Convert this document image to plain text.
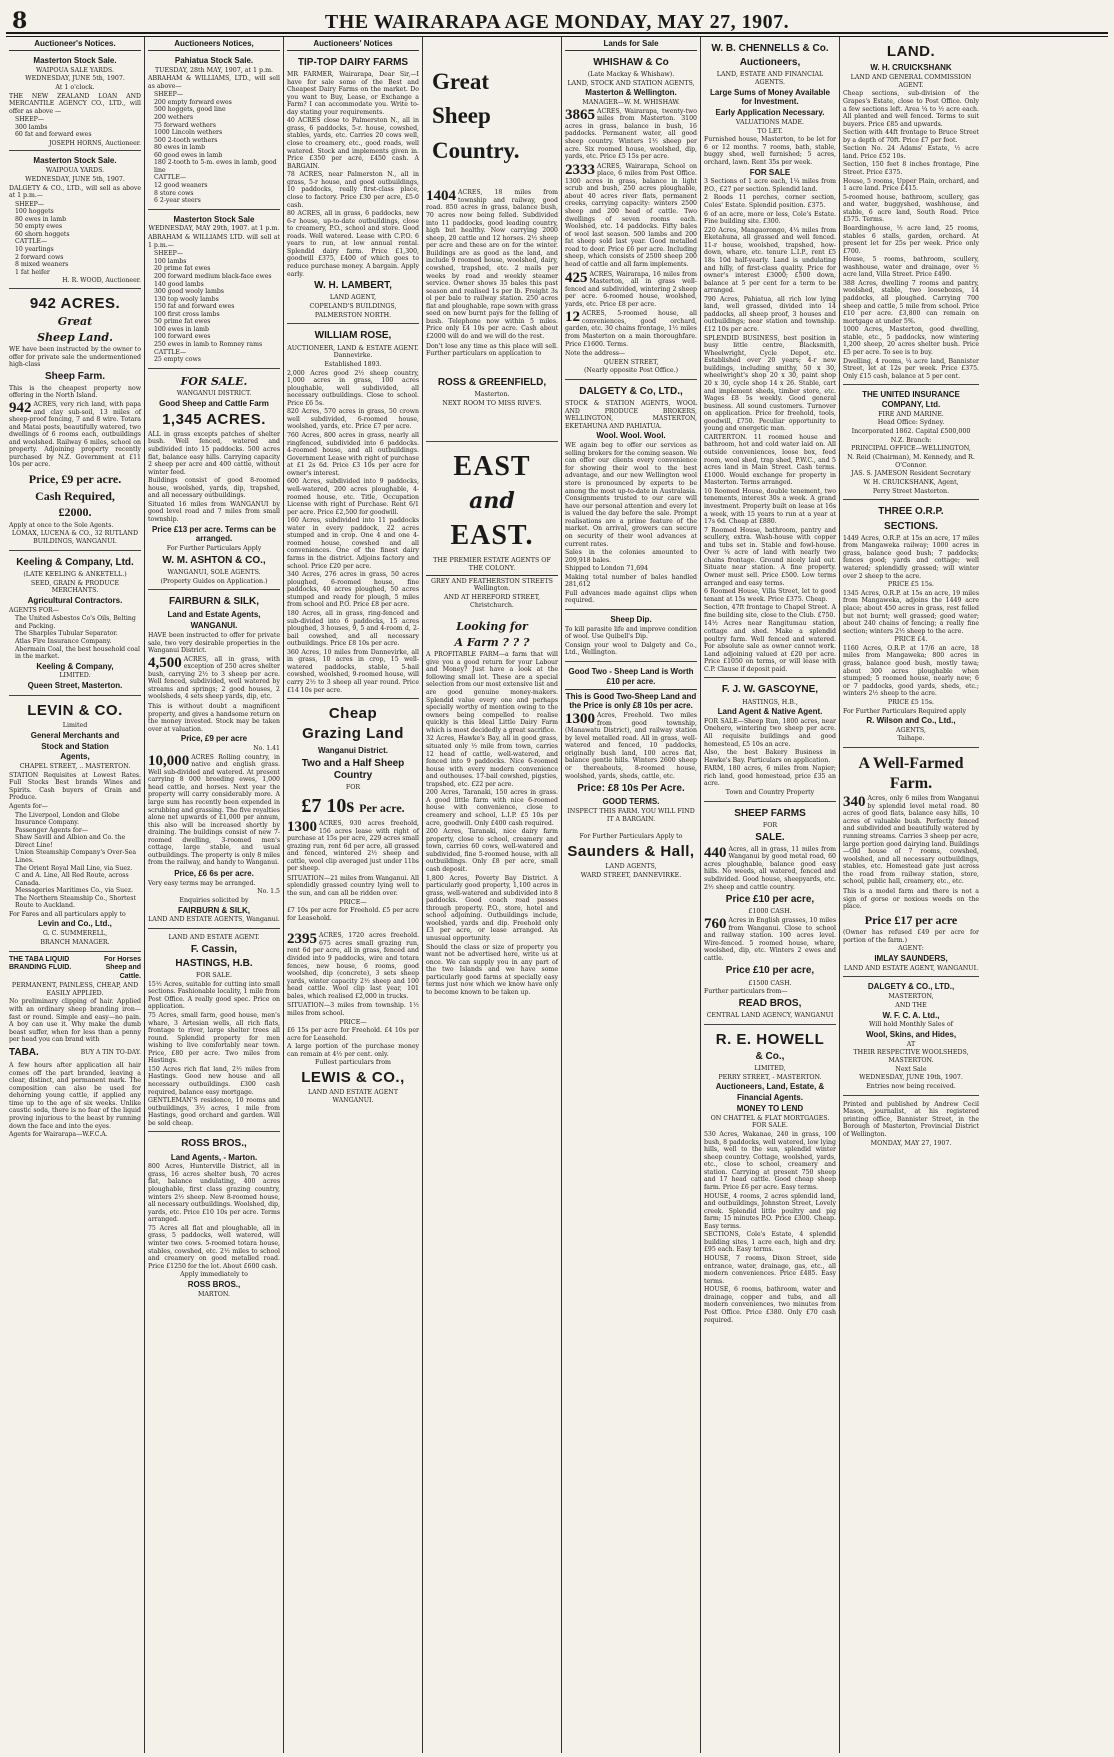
8	THE WAIRARAPA AGE MONDAY, MAY 27, 1907.
Auctioneer's Notices.
Masterton Stock Sale.
WAIPOUA SALE YARDS.
WEDNESDAY, JUNE 5th, 1907.
At 1 o'clock.
THE NEW ZEALAND LOAN AND MERCANTILE AGENCY CO., LTD., will offer as above —
SHEEP—
300 lambs
60 fat and forward ewes
JOSEPH HORNS, Auctioneer.
Masterton Stock Sale.
WAIPOUA YARDS.
WEDNESDAY, JUNE 5th, 1907.
DALGETY & CO., LTD., will sell as above at 1 p.m.—
SHEEP—
100 hoggets
80 ewes in lamb
50 empty ewes
60 shorn hoggets
CATTLE—
10 yearlings
2 forward cows
8 mixed weaners
1 fat heifer
H. R. WOOD, Auctioneer.
942 ACRES.
Great
Sheep Land.
WE have been instructed by the owner to offer for private sale the undermentioned high-class
Sheep Farm.
This is the cheapest property now offering in the North Island.
942 ACRES, very rich land, with papa and clay sub-soil, 13 miles of sheep-proof fencing, 7 and 8 wire. Totara and Matai posts, beautifully watered, two dwellings of 6 rooms each, outbuildings and woolshed. Railway 6 miles, school on property. Adjoining property recently purchased by N.Z. Government at £11 10s per acre.
Price, £9 per acre.
Cash Required,
£2000.
Apply at once to the Sole Agents.
LOMAX, LUCENA & CO., 32 RUTLAND BUILDINGS, WANGANUI.
Keeling & Company, Ltd.
(LATE KEELING & ANKETELL.)
SEED, GRAIN & PRODUCE MERCHANTS.
Agricultural Contractors.
AGENTS FOR—
The United Asbestos Co's Oils, Belting and Packing.
The Sharples Tubular Separator.
Atlas Fire Insurance Company.
Abermain Coal, the best household coal in the market.
Keeling & Company,
LIMITED.
Queen Street, Masterton.
LEVIN & CO.
Limited
General Merchants and
Stock and Station
Agents,
CHAPEL STREET, .. MASTERTON.
STATION Requisites at Lowest Rates. Full Stocks Best brands Wines and Spirits. Cash buyers of Grain and Produce.
Agents for—
The Liverpool, London and Globe Insurance Company.
Passenger Agents for—
Shaw Savill and Albion and Co. the Direct Line!
Union Steamship Company's Over-Sea Lines.
The Orient Royal Mail Line, via Suez.
C and A. Line, All Red Route, across Canada.
Messageries Maritimes Co., via Suez.
The Northern Steamship Co., Shortest Route to Auckland.
For Fares and all particulars apply to
Levin and Co., Ltd.,
G. C. SUMMERELL,
BRANCH MANAGER.
THE TABA LIQUID BRANDING FLUID.
For Horses Sheep and Cattle.
PERMANENT, PAINLESS, CHEAP, AND EASILY APPLIED.
No preliminary clipping of hair. Applied with an ordinary sheep branding iron—fast or round. Simple and easy—no pain. A boy can use it. Why make the dumb beast suffer, when for less than a penny per head you can brand with
TABA.	BUY A TIN TO-DAY.
A few hours after application all hair comes off the part branded, leaving a clear, distinct, and permanent mark. The composition can also be used for dehorning young cattle, if applied any time up to the age of six weeks. Unlike caustic soda, there is no fear of the liquid proving injurious to the beast by running down the face and into the eyes.
Agents for Wairarapa—W.F.C.A.
Auctioneers Notices,
Pahiatua Stock Sale.
TUESDAY, 28th MAY, 1907, at 1 p.m.
ABRAHAM & WILLIAMS, LTD., will sell as above—
SHEEP—
200 empty forward ewes
500 hoggets, good line
200 wethers
75 forward wethers
1000 Lincoln wethers
500 2-tooth wethers
80 ewes in lamb
60 good ewes in lamb
180 2-tooth to 5-m. ewes in lamb, good line
CATTLE—
12 good weaners
8 store cows
6 2-year steers
Masterton Stock Sale
WEDNESDAY, MAY 29th, 1907. at 1 p.m.
ABRAHAM & WILLIAMS LTD. will sell at 1 p.m.—
SHEEP—
100 lambs
20 prime fat ewes
200 forward medium black-face ewes
140 good lambs
300 good wooly lambs
130 top wooly lambs
150 fat and forward ewes
100 first cross lambs
50 prime fat ewes
100 ewes in lamb
100 forward ewes
250 ewes in lamb to Romney rams
CATTLE—
25 empty cows
FOR SALE.
WANGANUI DISTRICT.
Good Sheep and Cattle Farm
1,345 ACRES.
ALL in grass excepts patches of shelter bush. Well fenced, watered and subdivided into 15 paddocks. 500 acres flat, balance easy hills. Carrying capacity 2 sheep per acre and 400 cattle, without winter feed.
Buildings consist of good 8-roomed house, woolshed, yards, dip, trapshed, and all necessary outbuildings.
Situated 16 miles from WANGANUI by good level road and 7 miles from small township.
Price £13 per acre. Terms can be arranged.
For Further Particulars Apply
W. M. ASHTON & CO.,
WANGANUI, SOLE AGENTS.
(Property Guides on Application.)
FAIRBURN & SILK,
Land and Estate Agents,
WANGANUI.
HAVE been instructed to offer for private sale, two very desirable properties in the Wanganui District.
4,500 ACRES, all in grass, with exception of 250 acres shelter bush, carrying 2½ to 3 sheep per acre. Well fenced, subdivided, well watered by streams and springs; 2 good houses, 2 woolsheds, 4 sets sheep yards, dip, etc.
This is without doubt a magnificent property, and gives a handsome return on the money invested. Stock may be taken over at valuation.
Price, £9 per acre
No. 1.41
10,000 ACRES Rolling country, in native and english grass. Well sub-divided and watered. At present carrying 8 000 breeding ewes, 1,000 head cattle, and horses. Next year the property will carry considerably more. A large sum has recently been expended in scrubbing and grassing. The five royalties alone net upwards of £1,000 per annum, this also will be increased shortly by draining. The buildings consist of new 7-roomed dwelling, 3-roomed men's cottage, large stable, and usual outbuildings. The property is only 8 miles from the railway, and handy to Wanganui.
Price, £6 6s per acre.
Very easy terms may be arranged.
No. 1.5
Enquiries solicited by
FAIRBURN & SILK,
LAND AND ESTATE AGENTS, Wanganui.
LAND AND ESTATE AGENT.
F. Cassin,
HASTINGS, H.B.
FOR SALE.
15½ Acres, suitable for cutting into small sections. Fashionable locality, 1 mile from Post Office. A really good spec. Price on application.
75 Acres, small farm, good house, men's whare, 3 Artesian wells, all rich flats, frontage to river, large shelter trees all round. Splendid property for men wishing to live comfortably near town. Price, £80 per acre. Two miles from Hastings.
150 Acres rich flat land, 2½ miles from Hastings. Good new house and all necessary outbuildings. £300 cash required, balance easy mortgage.
GENTLEMAN'S residence, 10 rooms and outbuildings, 3½ acres, 1 mile from Hastings, good orchard and garden. Will be sold cheap.
ROSS BROS.,
Land Agents, - Marton.
800 Acres, Hunterville District, all in grass, 16 acres shelter bush, 70 acres flat, balance undulating, 400 acres ploughable, first class grazing country, winters 2½ sheep. New 8-roomed house, all necessary outbuildings. Woolshed, dip, yards, etc. Price £10 10s per acre. Terms arranged.
75 Acres all flat and ploughable, all in grass, 5 paddocks, well watered, will winter two cows. 5-roomed totara house, stables, cowshed, etc. 2½ miles to school and creamery on good metalled road. Price £1250 for the lot. About £600 cash.
Apply immediately to
ROSS BROS.,
MARTON.
Auctioneers' Notices
TIP-TOP DAIRY FARMS
MR FARMER, Wairarapa, Dear Sir,—I have for sale some of the Best and Cheapest Dairy Farms on the market. Do you want to Buy, Lease, or Exchange a Farm? I can accommodate you. Write to-day stating your requirements.
40 ACRES close to Palmerston N., all in grass, 6 paddocks, 5-r. house, cowshed, stables, yards, etc. Carries 20 cows well, close to creamery, etc., good roads, well watered. Stock and implements given in. Price £350 per acre, £450 cash. A BARGAIN.
78 ACRES, near Palmerston N., all in grass, 5-r house, and good outbuildings, 10 paddocks, really first-class place, close to factory. Price £30 per acre, £5-0 cash.
80 ACRES, all in grass, 6 paddocks, new 6-r house, up-to-date outbuildings, close to creamery, P.O., school and store. Good roads. Well watered. Lease with C.P.O. 6 years to run, at low annual rental. Splendid dairy farm. Price £1,300, goodwill £375, £400 of which goes to reduce purchase money. A bargain. Apply early.
W. H. LAMBERT,
LAND AGENT,
COPELAND'S BUILDINGS,
PALMERSTON NORTH.
WILLIAM ROSE,
AUCTIONEER, LAND & ESTATE AGENT. Dannevirke.
Established 1893.
2,000 Acres good 2½ sheep country, 1,000 acres in grass, 100 acres ploughable, well subdivided, all necessary outbuildings. Close to school. Price £6 5s.
820 Acres, 570 acres in grass, 50 crown well subdivided, 6-roomed house, woolshed, yards, etc. Price £7 per acre.
760 Acres, 800 acres in grass, nearly all ringfenced, subdivided into 6 paddocks. 4-roomed house, and all outbuildings. Government Lease with right of purchase at £1 2s 6d. Price £3 10s per acre for owner's interest.
600 Acres, subdivided into 9 paddocks, well-watered, 200 acres ploughable, 4-roomed house, etc. Title, Occupation License with right of Purchase. Rent 6/1 per acre. Price £2,500 for goodwill.
160 Acres, subdivided into 11 paddocks water in every paddock, 22 acres stumped and in crop. One 4 and one 4-roomed house, cowshed and all conveniences. One of the finest dairy farms in the district. Adjoins factory and school. Price £20 per acre.
340 Acres, 276 acres in grass, 50 acres ploughed, 6-roomed house, fine paddocks, 40 acres ploughed, 50 acres stumped and ready for plough, 5 miles from school and P.O. Price £8 per acre.
180 Acres, all in grass, ring-fenced and sub-divided into 6 paddocks, 15 acres ploughed, 3 houses, 9, 5 and 4-room d, 2-bail cowshed, and all necessary outbuildings. Price £8 10s per acre.
360 Acres, 10 miles from Dannevirke, all in grass, 10 acres in crop, 15 well-watered paddocks, stable, 5-bail cowshed, woolshed, 9-roomed house, will carry 2½ to 3 sheep all year round. Price £14 10s per acre.
Cheap
Grazing Land
Wanganui District.
Two and a Half Sheep Country
FOR
£7 10s Per acre.
1300 ACRES, 930 acres freehold, 156 acres lease with right of purchase at 15s per acre, 229 acres small grazing run, rent 6d per acre, all grassed and fenced, wintered 2½ sheep and cattle, wool clip averaged just under 11bs per sheep.
SITUATION—21 miles from Wanganui. All splendidly grassed country lying well to the sun, and can all be ridden over.
PRICE—
£7 10s per acre for Freehold. £5 per acre for Leasehold.
2395 ACRES, 1720 acres freehold. 675 acres small grazing run, rent 6d per acre, all in grass, fenced and divided into 9 paddocks, wire and totara fences, new house, 6 rooms, good woolshed, dip (concrete), 3 sets sheep yards, winter capacity 2½ sheep and 100 head cattle. Wool clip last year, 101 bales, which realised £2,000 in trucks.
SITUATION—3 miles from township. 1½ miles from school.
PRICE—
£6 15s per acre for Freehold. £4 10s per acre for Leasehold.
A large portion of the purchase money can remain at 4½ per cent. only.
Fullest particulars from
LEWIS & CO.,
LAND AND ESTATE AGENT WANGANUI.
Great
Sheep
Country.
1404 ACRES, 18 miles from township and railway, good road. 850 acres in grass, balance bush, 70 acres now being felled. Subdivided into 11 paddocks, good leading country, high but healthy. Now carrying 2000 sheep, 20 cattle and 12 horses. 2½ sheep per acre and these are on for the winter. Buildings are as good as the land, and include 9 roomed house, woolshed, dairy, cowshed, trapshed, etc. 2 mails per weeks by road and weekly steamer service. Owner shows 35 bales this past season and realised 1s per lb. Freight 3s ol per bale to railway station. 250 acres flat and ploughable, rape sown with grass seed on new burnt pays for the felling of bush. Telephone now within 5 miles. Price only £4 10s per acre. Cash about £2000 will do and we will do the rest.
Don't lose any time as this place will sell. Further particulars on application to
ROSS & GREENFIELD,
Masterton.
NEXT ROOM TO MISS RIVE'S.
EAST
and
EAST.
THE PREMIER ESTATE AGENTS OF THE COLONY.
GREY AND FEATHERSTON STREETS Wellington.
AND AT HEREFORD STREET, Christchurch.
Looking for
A Farm ? ? ?
A PROFITABLE FARM—a farm that will give you a good return for your Labour and Money? Just have a look at the following small lot. These are a special selection from our most extensive list and are good genuine money-makers. Splendid value every one and perhaps specially worthy of mention owing to the owners being compelled to realise quickly is this Ideal Little Dairy Farm which is most decidedly a great sacrifice.
32 Acres, Hawke's Bay, all in good grass, situated only ½ mile from town, carries 12 head of cattle, well-watered, and fenced into 9 paddocks. Nice 6-roomed house with every modern convenience and outhouses. 17-bail cowshed, pigsties, trapshed, etc. £22 per acre.
200 Acres, Taranaki, 150 acres in grass. A good little farm with nice 6-roomed house with convenience, close to creamery and school, L.I.P. £5 10s per acre, goodwill. Only £400 cash required.
200 Acres, Taranaki, nice dairy farm property, close to school, creamery and town, carries 60 cows, well-watered and subdivided, fine 5-roomed house, with all outbuildings. Only £8 per acre, small cash deposit.
1,800 Acres, Poverty Bay District. A particularly good property, 1,100 acres in grass, well-watered and subdivided into 8 paddocks. Good coach road passes through property. P.O., store, hotel and school adjoining. Outbuildings include, woolshed, yards and dip. Freehold only £3 per acre, or lease arranged. An unusual opportunity.
Should the class or size of property you want not be advertised here, write us at once. We can supply you in any part of the two Islands and we have some particularly good farms at specially easy terms just now which we know have only to become known to be taken up.
Lands for Sale
WHISHAW & Co
(Late Mackay & Whishaw).
LAND, STOCK AND STATION AGENTS,
Masterton & Wellington.
MANAGER—W. M. WHISHAW.
3865 ACRES, Wairarapa, twenty-two miles from Masterton. 3100 acres in grass, balance in bush, 16 paddocks. Permanent water, all good sheep country. Winters 1½ sheep per acre. Six roomed house, woolshed, dip, yards, etc. Price £5 15s per acre.
2333 ACRES, Wairarapa, School on place, 6 miles from Post Office. 1300 acres in grass, balance in light scrub and bush, 250 acres ploughable, about 40 acres river flats, permanent creeks, carrying capacity: winters 2500 sheep and 200 head of cattle. Two dwellings of seven rooms each. Woolshed, etc. 14 paddocks. Fifty bales of wool last season. 500 lambs and 200 fat sheep sold last year. Good metalled road to door. Price £6 per acre. Including sheep, which consists of 2500 sheep 200 head of cattle and all farm implements.
425 ACRES, Wairarapa, 16 miles from Masterton, all in grass well-fenced and subdivided, wintering 2 sheep per acre. 6-roomed house, woolshed, yards, etc. Price £8 per acre.
12 ACRES, 5-roomed house, all conveniences, good orchard, garden, etc. 30 chains frontage, 1½ miles from Masterton on a main thoroughfare. Price £1600. Terms.
Note the address—
QUEEN STREET,
(Nearly opposite Post Office.)
DALGETY & Co, LTD.,
STOCK & STATION AGENTS, WOOL AND PRODUCE BROKERS, WELLINGTON, MASTERTON, EKETAHUNA AND PAHIATUA.
Wool. Wool. Wool.
WE again beg to offer our services as selling brokers for the coming season. We can offer our clients every convenience for showing their wool to the best advantage, and our new Wellington wool store is pronounced by experts to be among the most up-to-date in Australasia. Consignments trusted to our care will have our personal attention and every lot is valued the day before the sale. Prompt realisations are a prime feature of the market. On arrival, growers can secure on security of their wool advances at current rates.
Sales in the colonies amounted to 209,918 bales.
Shipped to London 71,694
Making total number of bales handled 281,612
Full advances made against clips when required.
Sheep Dip.
To kill parasite life and improve condition of wool. Use Quibell's Dip.
Consign your wool to Dalgety and Co., Ltd., Wellington.
Good Two - Sheep Land is Worth £10 per acre.
This is Good Two-Sheep Land and the Price is only £8 10s per acre.
1300 Acres, Freehold. Two miles from good township, (Manawatu District), and railway station by level metalled road. All in grass, well-watered and fenced, 10 paddocks, originally bush land, 100 acres flat, balance gentle hills. Winters 2600 sheep or thereabouts, 8-roomed house, woolshed, yards, sheds, cattle, etc.
Price: £8 10s Per Acre.
GOOD TERMS.
INSPECT THIS FARM. YOU WILL FIND IT A BARGAIN.
For Further Particulars Apply to
Saunders & Hall,
LAND AGENTS,
WARD STREET, DANNEVIRKE.
W. B. CHENNELLS & Co.
Auctioneers,
LAND, ESTATE AND FINANCIAL AGENTS.
Large Sums of Money Available for Investment.
Early Application Necessary.
VALUATIONS MADE.
TO LET.
Furnished house, Masterton, to be let for 6 or 12 months. 7 rooms, bath, stable, buggy shed, well furnished; 5 acres, orchard, lawn. Rent 35s per week.
FOR SALE
3 Sections of 1 acre each, 1¼ miles from P.O., £27 per section. Splendid land.
2 Roods 11 perches, corner section, Coles' Estate. Splendid position. £375.
6 of an acre, more or less, Cole's Estate. Fine building site. £300.
220 Acres, Mangaorongo, 4¼ miles from Eketahuna, all grassed and well fenced. 11-r house, woolshed, trapshed, how-down, whare, etc. tenure L.I.P., rent £5 18s 10d half-yearly. Land is undulating and hilly, of first-class quality. Price for owner's interest £3000; £500 down, balance at 5 per cent for a term to be arranged.
790 Acres, Pahiatua, all rich low lying land, well grassed, divided into 14 paddocks, all sheep proof, 3 houses and outbuildings; near station and township. £12 10s per acre.
SPLENDID BUSINESS, best position in busy little centre, Blacksmith, Wheelwright, Cycle Depot, etc. Established over 20 years; 4-r new buildings, including smithy, 50 x 30, wheelwright's shop 20 x 30, paint shop 20 x 30, cycle shop 14 x 26. Stable, cart and implement sheds, timber store, etc. Wages £8 5s weekly. Good general business. All sound customers. Turnover on application. Price for freehold, tools, goodwill, £750. Peculiar opportunity to young and energetic man.
CARTERTON. 11 roomed house and bathroom, hot and cold water laid on. All outside conveniences, loose box, feed room, wool shed, trap shed, P.W.C., and 5 acres land in Main Street. Cash terms. £1000. Would exchange for property in Masterton. Terms arranged.
10 Roomed House, double tenement, two tenements, interest 30s a week. A grand investment. Property built on lease at 16s a week, with 15 years to run at a year at 17s 6d. Cheap at £880.
7 Roomed House, bathroom, pantry and scullery, extra. Wash-house with copper and tubs set in. Stable and fowl-house. Over ¼ acre of land with nearly two chains frontage. Ground nicely laid out. Situate near station. A fine property. Owner must sell. Price £500. Low terms arranged and easy terms.
6 Roomed House, Villa Street, let to good tenant at 15s week. Price £375. Cheap.
Section, 47ft frontage to Chapel Street. A fine building site, close to the Club. £750.
14½ Acres near Rangitumau station, cottage and shed. Make a splendid poultry farm. Well fenced and watered. For absolute sale as owner cannot work. Land adjoining valued at £20 per acre. Price £1050 on terms, or will lease with C.P. Clause if deposit paid.
F. J. W. GASCOYNE,
HASTINGS, H.B.,
Land Agent & Native Agent.
FOR SALE—Sheep Run, 1800 acres, near Onehero, wintering two sheep per acre. All requisite buildings and good homestead, £5 10s an acre.
Also, the best Bakery Business in Hawke's Bay. Particulars on application.
FARM, 180 acres, 6 miles from Napier; rich land, good homestead, price £35 an acre.
Town and Country Property
SHEEP FARMS
FOR
SALE.
440 Acres, all in grass, 11 miles from Wanganui by good metal road, 60 acres ploughable, balance good easy hills. No weeds, all watered, fenced and subdivided. Good house, sheepyards, etc. 2½ sheep and cattle country.
Price £10 per acre,
£1000 CASH.
760 Acres in English grasses, 10 miles from Wanganui. Close to school and railway station. 100 acres level. Wire-fenced. 5 roomed house, whare, woolshed, dip, etc. Winters 2 ewes and cattle.
Price £10 per acre,
£1500 CASH.
Further particulars from—
READ BROS,
CENTRAL LAND AGENCY, WANGANUI
R. E. HOWELL
& Co.,
LIMITED,
PERRY STREET, - MASTERTON.
Auctioneers, Land, Estate, &
Financial Agents.
MONEY TO LEND
ON CHATTEL & FLAT MORTGAGES. FOR SALE.
530 Acres, Wakanae, 240 in grass, 100 bush, 8 paddocks, well watered, low lying hills, well to the sun, splendid winter sheep country. Cottage, woolshed, yards, etc., close to school, creamery and station. Carrying at present 750 sheep and 17 head cattle. Good cheap sheep farm. Price £6 per acre. Easy terms.
HOUSE, 4 rooms, 2 acres splendid land, and outbuildings, Johnston Street, Lovely creek. Splendid little poultry and pig farm; 15 minutes P.O. Price £300. Cheap. Easy terms.
SECTIONS, Cole's Estate, 4 splendid building sites, 1 acre each, high and dry. £95 each. Easy terms.
HOUSE, 7 rooms, Dixon Street, side entrance, water, drainage, gas, etc., all modern conveniences. Price £485. Easy terms.
HOUSE, 6 rooms, bathroom, water and drainage, copper and tubs, and all modern conveniences, two minutes from Post Office. Price £380. Only £70 cash required.
LAND.
W. H. CRUICKSHANK
LAND AND GENERAL COMMISSION AGENT.
Cheap sections, sub-division of the Grapes's Estate, close to Post Office. Only a few sections left. Area ¼ to ½ acre each. All planted and well fenced. Terms to suit buyers. Price £85 and upwards.
Section with 44ft frontage to Bruce Street by a depth of 70ft. Price £7 per foot.
Section No. 24 Adams' Estate, ½ acre land. Price £52 10s.
Section, 150 feet 8 inches frontage, Pine Street. Price £375.
House, 5 rooms, Upper Plain, orchard, and 1 acre land. Price £415.
5-roomed house, bathroom, scullery, gas and water, buggyshed, washhouse, and stable, 6 acre land, South Road. Price £575. Terms.
Boardinghouse, ½ acre land, 25 rooms, stables 6 stalls, garden, orchard. At present let for 25s per week. Price only £700.
House, 5 rooms, bathroom, scullery, washhouse, water and drainage, over ½ acre land, Villa Street. Price £490.
388 Acres, dwelling 7 rooms and pantry, woolshed, stable, two loosebozes, 14 paddocks, all ploughed. Carrying 700 sheep and cattle, 5 mile from school. Price £10 per acre. £3,800 can remain on mortgage at under 5%.
1000 Acres, Masterton, good dwelling, stable, etc., 5 paddocks, now wintering 1,200 sheep, 20 acres shelter bush. Price £5 per acre. To see is to buy.
Dwelling, 4 rooms, ¼ acre land, Bannister Street, let at 12s per week. Price £375. Only £15 cash, balance at 5 per cent.
THE UNITED INSURANCE COMPANY, Ltd.
FIRE AND MARINE.
Head Office: Sydney.
Incorporated 1862. Capital £500,000
N.Z. Branch:
PRINCIPAL OFFICE—WELLINGTON,
N. Reid (Chairman), M. Kennedy, and R. O'Connor.
JAS. S. JAMESON Resident Secretary
W. H. CRUICKSHANK, Agent,
Perry Street Masterton.
THREE O.R.P.
SECTIONS.
1449 Acres, O.R.P. at 15s an acre, 17 miles from Mangaweka railway; 1000 acres in grass, balance good bush; 7 paddocks; fences good; yards and cottage; well watered; splendidly grassed; will winter over 2 sheep to the acre.
PRICE £5 15s.
1345 Acres, O.R.P. at 15s an acre, 19 miles from Mangaweka, adjoins the 1449 acre place; about 450 acres in grass, rest felled but not burnt; well grassed; good water; about 240 chains of fencing; a really fine section; winters 2½ sheep to the acre.
PRICE £4.
1160 Acres, O.R.P. at 17/6 an acre, 18 miles from Mangaweka; 800 acres in grass, balance good bush, mostly tawa; about 300 acres ploughable when stumped; 5 roomed house, nearly new; 6 or 7 paddocks, good yards, sheds, etc.; winters 2½ sheep to the acre.
PRICE £5 15s.
For Further Particulars Required apply
R. Wilson and Co., Ltd.,
AGENTS,
Taihape.
A Well-Farmed Farm.
340 Acres, only 6 miles from Wanganui by splendid level metal road. 80 acres of good flats, balance easy hills, 10 acres of valuable bush. Perfectly fenced and subdivided and beautifully watered by running streams. Carries 3 sheep per acre, large portion good dairying land. Buildings—Old house of 7 rooms, cowshed, woolshed, and all necessary outbuildings, stables, etc. Homestead gate just across the road from railway station, store, school, public hall, creamery, etc., etc.
This is a model farm and there is not a sign of gorse or noxious weeds on the place.
Price £17 per acre
(Owner has refused £49 per acre for portion of the farm.)
AGENT:
IMLAY SAUNDERS,
LAND AND ESTATE AGENT, WANGANUI.
DALGETY & CO., LTD.,
MASTERTON,
AND THE
W. F. C. A. Ltd.,
Will hold Monthly Sales of
Wool, Skins, and Hides,
AT
THEIR RESPECTIVE WOOLSHEDS, MASTERTON.
Next Sale
WEDNESDAY, JUNE 19th, 1907.
Entries now being received.
Printed and published by Andrew Cecil Mason, journalist, at his registered printing office, Bannister Street, in the Borough of Masterton, Provincial District of Wellington.
MONDAY, MAY 27, 1907.
